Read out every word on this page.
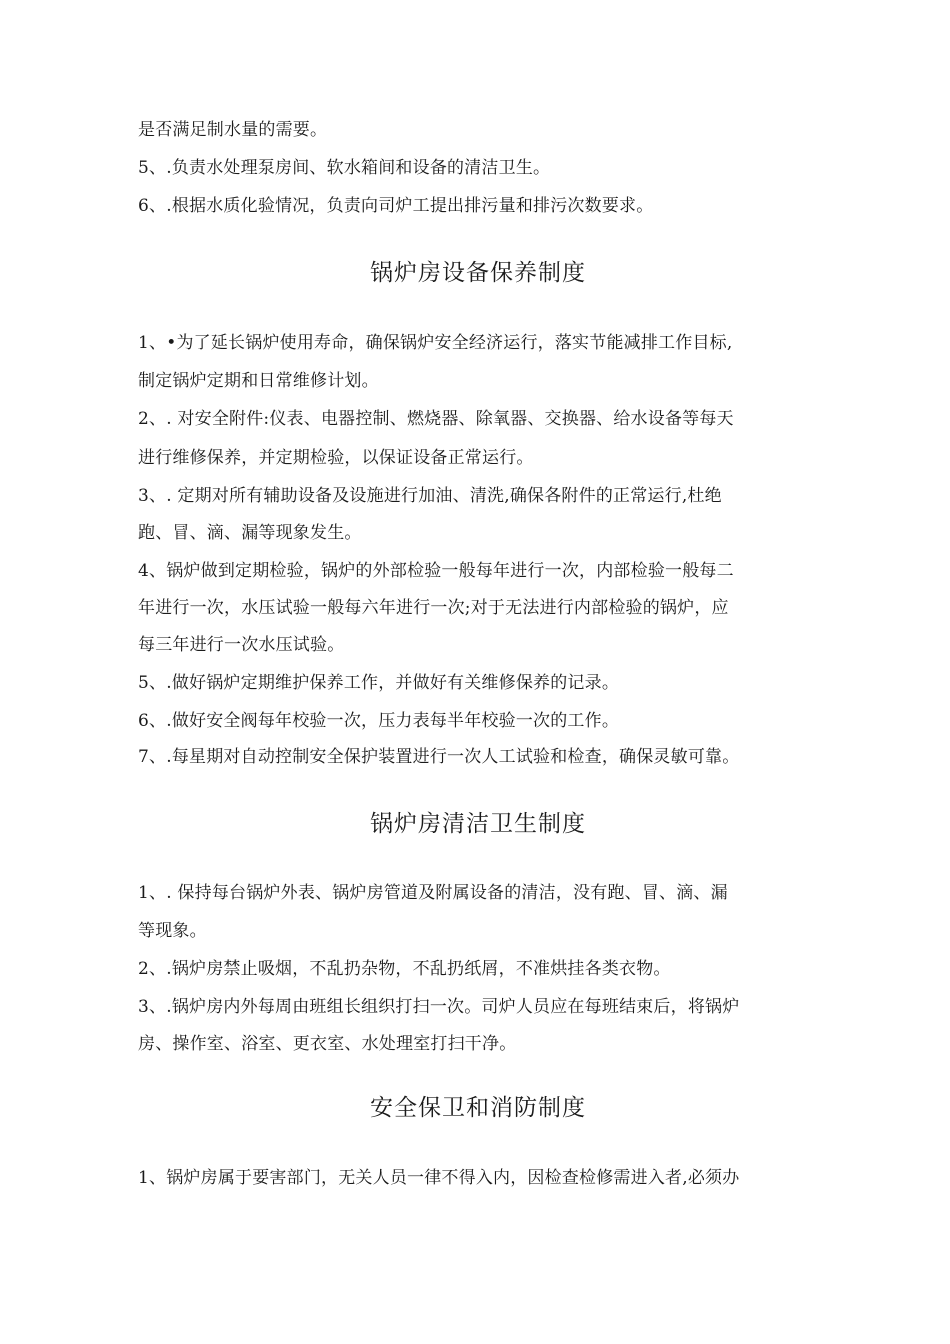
是否满足制水量的需要。

5、.负责水处理泵房间、软水箱间和设备的清洁卫生。

6、.根据水质化验情况，负责向司炉工提出排污量和排污次数要求。

锅炉房设备保养制度

1、•为了延长锅炉使用寿命，确保锅炉安全经济运行，落实节能减排工作目标,

制定锅炉定期和日常维修计划。

2、. 对安全附件:仪表、电器控制、燃烧器、除氧器、交换器、给水设备等每天

进行维修保养，并定期检验，以保证设备正常运行。

3、. 定期对所有辅助设备及设施进行加油、清洗,确保各附件的正常运行,杜绝

跑、冒、滴、漏等现象发生。

4、锅炉做到定期检验，锅炉的外部检验一般每年进行一次，内部检验一般每二

年进行一次，水压试验一般每六年进行一次;对于无法进行内部检验的锅炉，应

每三年进行一次水压试验。

5、.做好锅炉定期维护保养工作，并做好有关维修保养的记录。

6、.做好安全阀每年校验一次，压力表每半年校验一次的工作。

7、.每星期对自动控制安全保护装置进行一次人工试验和检查，确保灵敏可靠。

锅炉房清洁卫生制度

1、. 保持每台锅炉外表、锅炉房管道及附属设备的清洁，没有跑、冒、滴、漏

等现象。

2、.锅炉房禁止吸烟，不乱扔杂物，不乱扔纸屑，不准烘挂各类衣物。

3、.锅炉房内外每周由班组长组织打扫一次。司炉人员应在每班结束后，将锅炉

房、操作室、浴室、更衣室、水处理室打扫干净。

安全保卫和消防制度

1、锅炉房属于要害部门，无关人员一律不得入内，因检查检修需进入者,必须办
